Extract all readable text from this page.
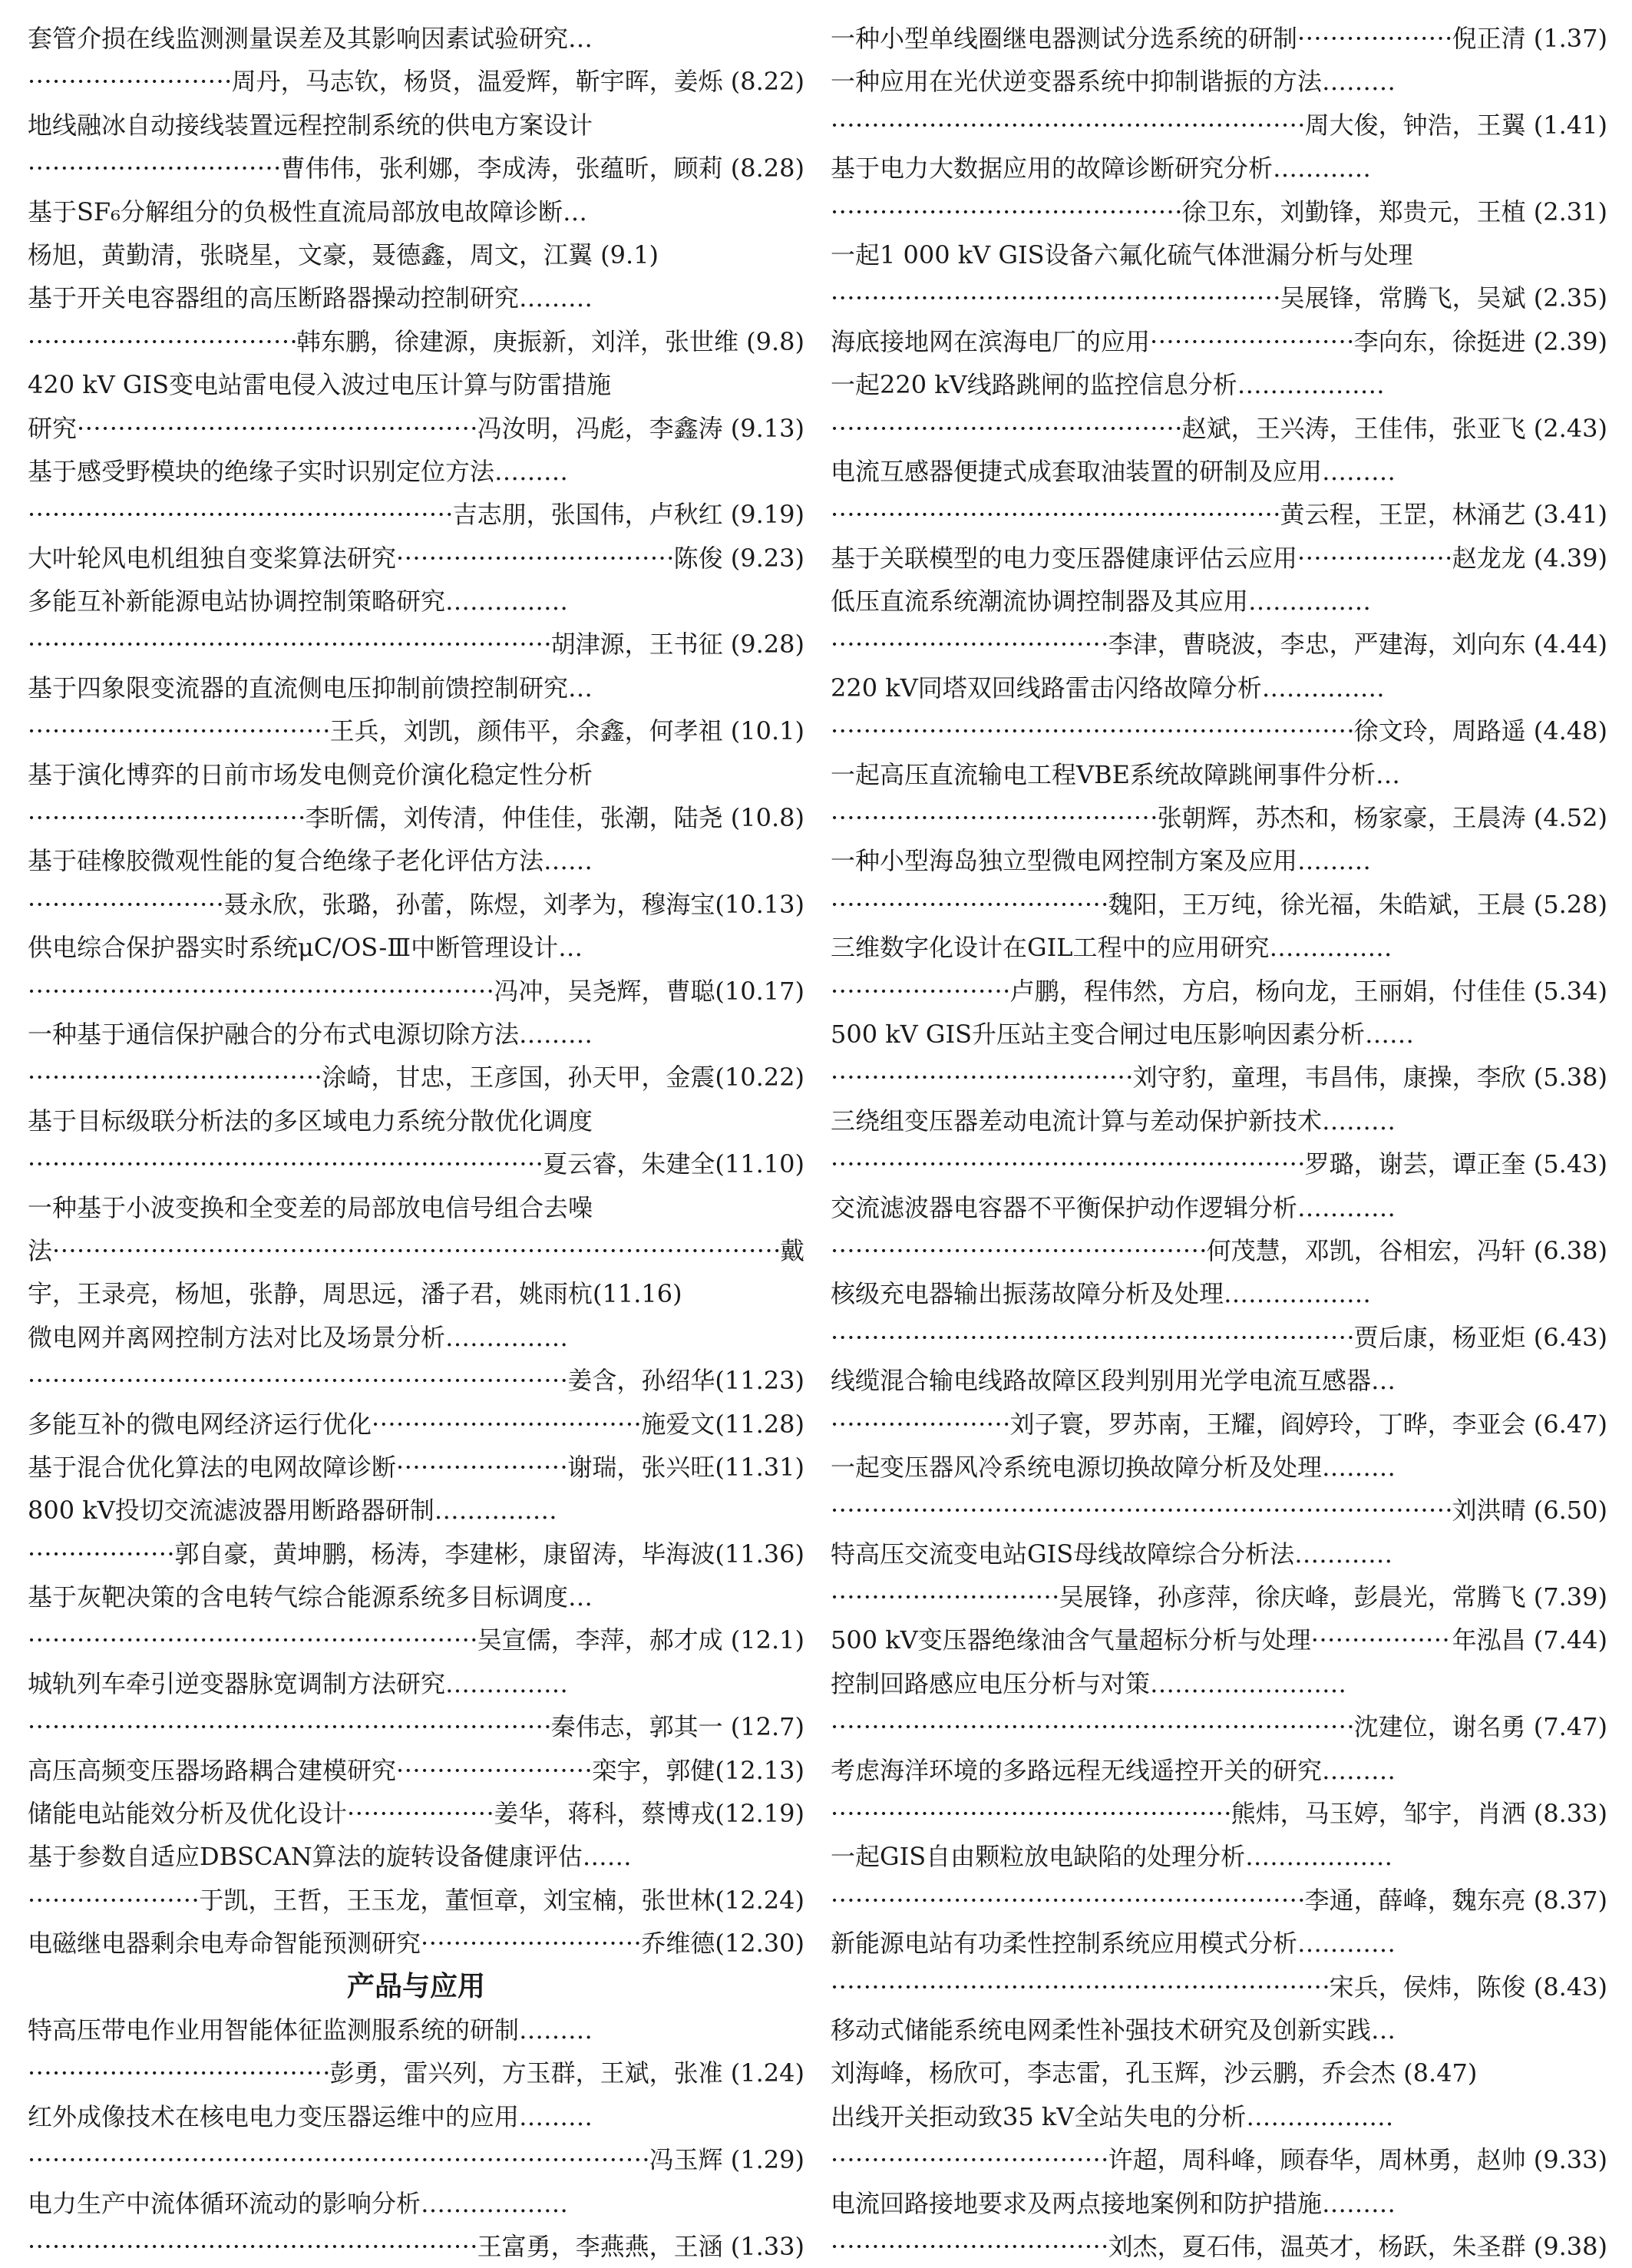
套管介损在线监测测量误差及其影响因素试验研究…
·····
周丹，马志钦，杨贤，温爱辉，靳宇晖，姜烁 (8.22)
地线融冰自动接线装置远程控制系统的供电方案设计
·····
曹伟伟，张利娜，李成涛，张蕴昕，顾莉 (8.28)
基于SF₆分解组分的负极性直流局部放电故障诊断…
杨旭，黄勤清，张晓星，文豪，聂德鑫，周文，江翼 (9.1)
基于开关电容器组的高压断路器操动控制研究………
·····
韩东鹏，徐建源，庚振新，刘洋，张世维 (9.8)
420 kV GIS变电站雷电侵入波过电压计算与防雷措施
研究 ·····	冯汝明，冯彪，李鑫涛 (9.13)
基于感受野模块的绝缘子实时识别定位方法………
·····
吉志朋，张国伟，卢秋红 (9.19)
大叶轮风电机组独自变桨算法研究 ·····	陈俊 (9.23)
多能互补新能源电站协调控制策略研究……………
·····
胡津源，王书征 (9.28)
基于四象限变流器的直流侧电压抑制前馈控制研究…
·····
王兵，刘凯，颜伟平，余鑫，何孝祖 (10.1)
基于演化博弈的日前市场发电侧竞价演化稳定性分析
·····
李昕儒，刘传清，仲佳佳，张潮，陆尧 (10.8)
基于硅橡胶微观性能的复合绝缘子老化评估方法……
·····
聂永欣，张璐，孙蕾，陈煜，刘孝为，穆海宝(10.13)
供电综合保护器实时系统μC/OS-Ⅲ中断管理设计…
·····
冯冲，吴尧辉，曹聪(10.17)
一种基于通信保护融合的分布式电源切除方法………
·····
涂崎，甘忠，王彦国，孙天甲，金震(10.22)
基于目标级联分析法的多区域电力系统分散优化调度
·····
夏云睿，朱建全(11.10)
一种基于小波变换和全变差的局部放电信号组合去噪
法 ·····	戴
宇，王录亮，杨旭，张静，周思远，潘子君，姚雨杭(11.16)
微电网并离网控制方法对比及场景分析……………
·····
姜含，孙绍华(11.23)
多能互补的微电网经济运行优化 ·····	施爱文(11.28)
基于混合优化算法的电网故障诊断 ·····	谢瑞，张兴旺(11.31)
800 kV投切交流滤波器用断路器研制……………
·····
郭自豪，黄坤鹏，杨涛，李建彬，康留涛，毕海波(11.36)
基于灰靶决策的含电转气综合能源系统多目标调度…
·····
吴宣儒，李萍，郝才成 (12.1)
城轨列车牵引逆变器脉宽调制方法研究……………
·····
秦伟志，郭其一 (12.7)
高压高频变压器场路耦合建模研究 ·····	栾宇，郭健(12.13)
储能电站能效分析及优化设计 ·····	姜华，蒋科，蔡博戎(12.19)
基于参数自适应DBSCAN算法的旋转设备健康评估……
·····
于凯，王哲，王玉龙，董恒章，刘宝楠，张世林(12.24)
电磁继电器剩余电寿命智能预测研究 ·····	乔维德(12.30)
产品与应用
特高压带电作业用智能体征监测服系统的研制………
·····
彭勇，雷兴列，方玉群，王斌，张准 (1.24)
红外成像技术在核电电力变压器运维中的应用………
·····
冯玉辉 (1.29)
电力生产中流体循环流动的影响分析………………
·····
王富勇，李燕燕，王涵 (1.33)
一种小型单线圈继电器测试分选系统的研制 ·····	倪正清 (1.37)
一种应用在光伏逆变器系统中抑制谐振的方法………
·····
周大俊，钟浩，王翼 (1.41)
基于电力大数据应用的故障诊断研究分析…………
·····
徐卫东，刘勤锋，郑贵元，王植 (2.31)
一起1 000 kV GIS设备六氟化硫气体泄漏分析与处理
·····
吴展锋，常腾飞，吴斌 (2.35)
海底接地网在滨海电厂的应用 ·····	李向东，徐挺进 (2.39)
一起220 kV线路跳闸的监控信息分析………………
·····
赵斌，王兴涛，王佳伟，张亚飞 (2.43)
电流互感器便捷式成套取油装置的研制及应用………
·····
黄云程，王罡，林涌艺 (3.41)
基于关联模型的电力变压器健康评估云应用 ·····	赵龙龙 (4.39)
低压直流系统潮流协调控制器及其应用……………
·····
李津，曹晓波，李忠，严建海，刘向东 (4.44)
220 kV同塔双回线路雷击闪络故障分析……………
·····
徐文玲，周路遥 (4.48)
一起高压直流输电工程VBE系统故障跳闸事件分析…
·····
张朝辉，苏杰和，杨家豪，王晨涛 (4.52)
一种小型海岛独立型微电网控制方案及应用………
·····
魏阳，王万纯，徐光福，朱皓斌，王晨 (5.28)
三维数字化设计在GIL工程中的应用研究……………
·····
卢鹏，程伟然，方启，杨向龙，王丽娟，付佳佳 (5.34)
500 kV GIS升压站主变合闸过电压影响因素分析……
·····
刘守豹，童理，韦昌伟，康操，李欣 (5.38)
三绕组变压器差动电流计算与差动保护新技术………
·····
罗璐，谢芸，谭正奎 (5.43)
交流滤波器电容器不平衡保护动作逻辑分析…………
·····
何茂慧，邓凯，谷相宏，冯轩 (6.38)
核级充电器输出振荡故障分析及处理………………
·····
贾后康，杨亚炬 (6.43)
线缆混合输电线路故障区段判别用光学电流互感器…
·····
刘子寰，罗苏南，王耀，阎婷玲，丁晔，李亚会 (6.47)
一起变压器风冷系统电源切换故障分析及处理………
·····
刘洪晴 (6.50)
特高压交流变电站GIS母线故障综合分析法…………
·····
吴展锋，孙彦萍，徐庆峰，彭晨光，常腾飞 (7.39)
500 kV变压器绝缘油含气量超标分析与处理 ·····	年泓昌 (7.44)
控制回路感应电压分析与对策……………………
·····
沈建位，谢名勇 (7.47)
考虑海洋环境的多路远程无线遥控开关的研究………
·····
熊炜，马玉婷，邹宇，肖洒 (8.33)
一起GIS自由颗粒放电缺陷的处理分析………………
·····
李通，薛峰，魏东亮 (8.37)
新能源电站有功柔性控制系统应用模式分析…………
·····
宋兵，侯炜，陈俊 (8.43)
移动式储能系统电网柔性补强技术研究及创新实践…
刘海峰，杨欣可，李志雷，孔玉辉，沙云鹏，乔会杰 (8.47)
出线开关拒动致35 kV全站失电的分析………………
·····
许超，周科峰，顾春华，周林勇，赵帅 (9.33)
电流回路接地要求及两点接地案例和防护措施………
·····
刘杰，夏石伟，温英才，杨跃，朱圣群 (9.38)
